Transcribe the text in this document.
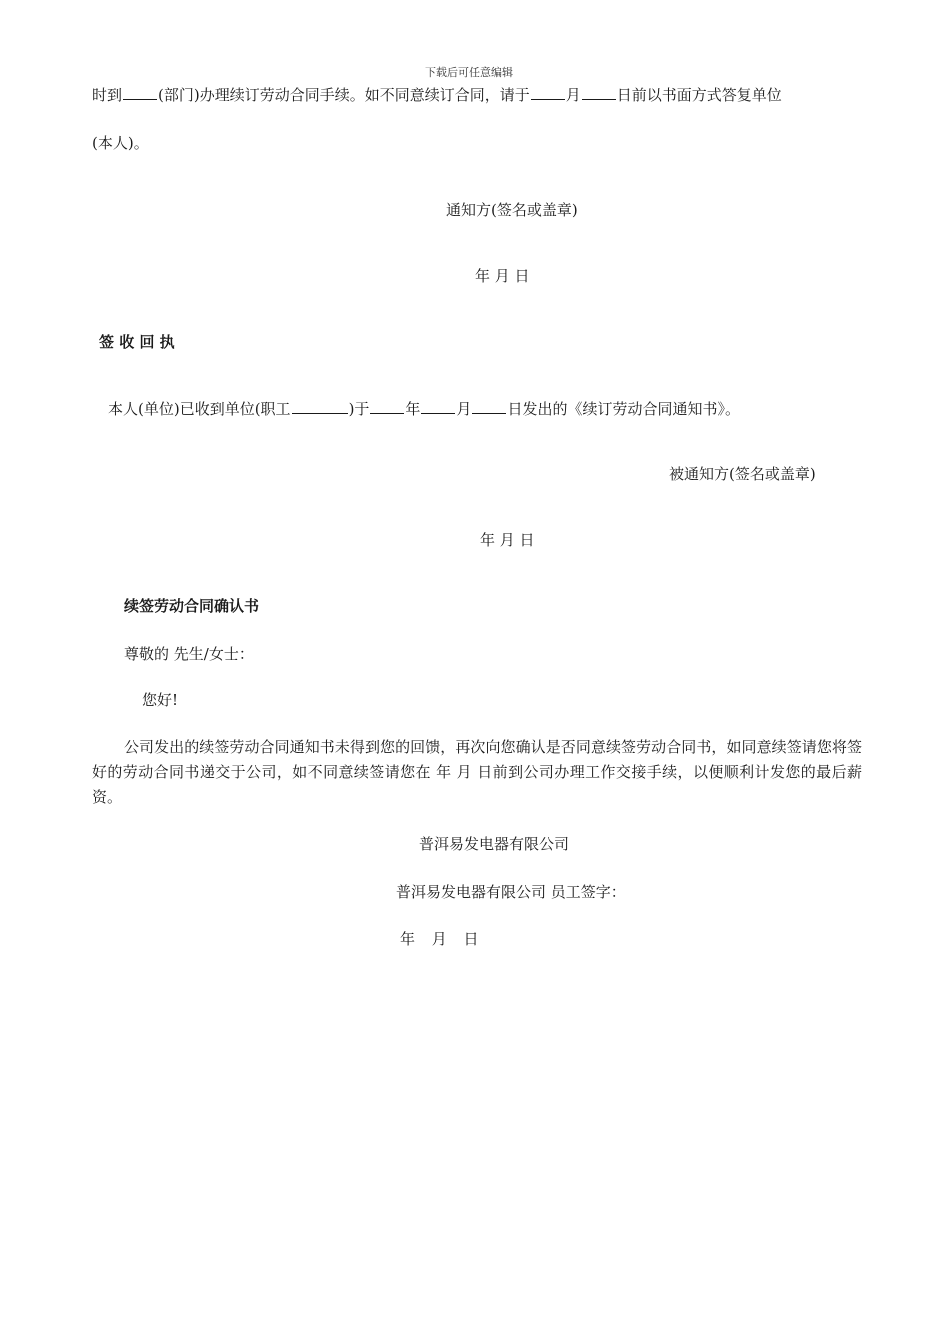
下载后可任意编辑
时到 (部门)办理续订劳动合同手续。如不同意续订合同，请于 月 日前以书面方式答复单位
(本人)。
通知方(签名或盖章)
年 月 日
签 收 回 执
本人(单位)已收到单位(职工	)于 年 月 日发出的《续订劳动合同通知书》。
被通知方(签名或盖章)
年 月 日
续签劳动合同确认书
尊敬的 先生/女士：
您好!
公司发出的续签劳动合同通知书未得到您的回馈，再次向您确认是否同意续签劳动合同书，如同意续签请您将签好的劳动合同书递交于公司，如不同意续签请您在 年 月 日前到公司办理工作交接手续，以便顺利计发您的最后薪资。
普洱易发电器有限公司
普洱易发电器有限公司 员工签字：
年 月 日
